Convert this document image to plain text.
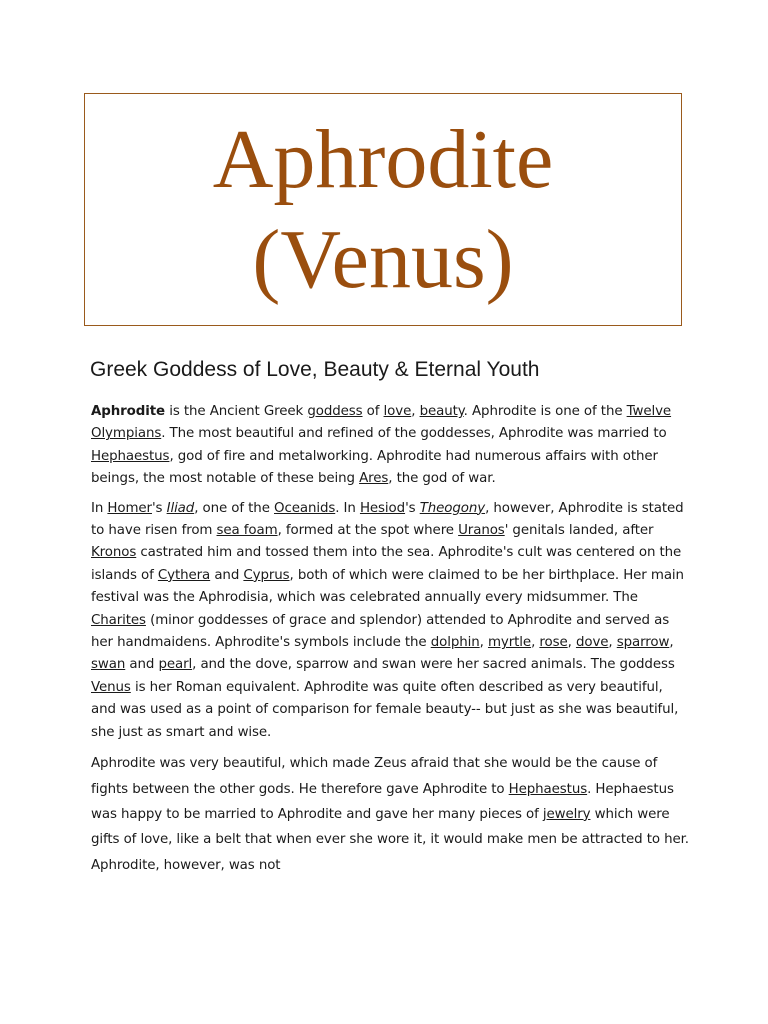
Aphrodite
(Venus)
Greek Goddess of Love, Beauty & Eternal Youth

Aphrodite is the Ancient Greek goddess of love, beauty. Aphrodite is one of the Twelve Olympians. The most beautiful and refined of the goddesses, Aphrodite was married to Hephaestus, god of fire and metalworking. Aphrodite had numerous affairs with other beings, the most notable of these being Ares, the god of war.

In Homer's Iliad, one of the Oceanids. In Hesiod's Theogony, however, Aphrodite is stated to have risen from sea foam, formed at the spot where Uranos' genitals landed, after Kronos castrated him and tossed them into the sea. Aphrodite's cult was centered on the islands of Cythera and Cyprus, both of which were claimed to be her birthplace. Her main festival was the Aphrodisia, which was celebrated annually every midsummer. The Charites (minor goddesses of grace and splendor) attended to Aphrodite and served as her handmaidens. Aphrodite's symbols include the dolphin, myrtle, rose, dove, sparrow, swan and pearl, and the dove, sparrow and swan were her sacred animals. The goddess Venus is her Roman equivalent. Aphrodite was quite often described as very beautiful, and was used as a point of comparison for female beauty-- but just as she was beautiful, she just as smart and wise.

Aphrodite was very beautiful, which made Zeus afraid that she would be the cause of fights between the other gods. He therefore gave Aphrodite to Hephaestus. Hephaestus was happy to be married to Aphrodite and gave her many pieces of jewelry which were gifts of love, like a belt that when ever she wore it, it would make men be attracted to her. Aphrodite, however, was not
